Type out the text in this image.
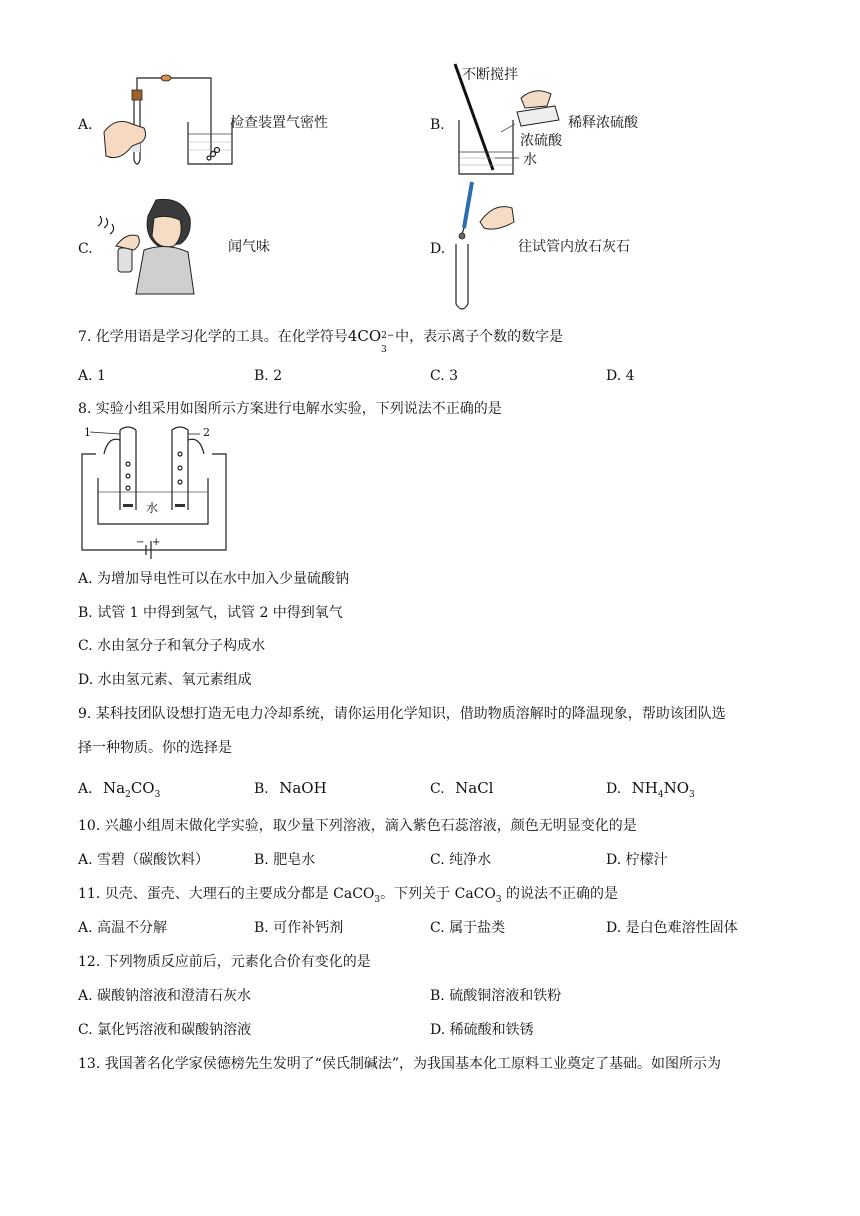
A.	检查装置气密性	B.
不断搅拌
稀释浓硫酸
浓硫酸
水
C.	闻气味	D.	往试管内放石灰石
7. 化学用语是学习化学的工具。在化学符号4CO 2−
3
中，表示离子个数的数字是
A. 1	B. 2	C. 3	D. 4
8. 实验小组采用如图所示方案进行电解水实验，下列说法不正确的是
1	2
水
− +
A. 为增加导电性可以在水中加入少量硫酸钠
B. 试管 1 中得到氢气，试管 2 中得到氧气
C. 水由氢分子和氧分子构成水
D. 水由氢元素、氧元素组成
9. 某科技团队设想打造无电力冷却系统，请你运用化学知识，借助物质溶解时的降温现象，帮助该团队选
择一种物质。你的选择是
A. $Na_2CO_3$	B. NaOH	C. NaCl	D. $NH_4NO_3$
10. 兴趣小组周末做化学实验，取少量下列溶液，滴入紫色石蕊溶液，颜色无明显变化的是
A. 雪碧（碳酸饮料）	B. 肥皂水	C. 纯净水	D. 柠檬汁
11. 贝壳、蛋壳、大理石的主要成分都是 CaCO$_3$。下列关于 CaCO$_3$ 的说法不正确的是
A. 高温不分解	B. 可作补钙剂	C. 属于盐类	D. 是白色难溶性固体
12. 下列物质反应前后，元素化合价有变化的是
A. 碳酸钠溶液和澄清石灰水	B. 硫酸铜溶液和铁粉
C. 氯化钙溶液和碳酸钠溶液	D. 稀硫酸和铁锈
13. 我国著名化学家侯德榜先生发明了“侯氏制碱法”，为我国基本化工原料工业奠定了基础。如图所示为
